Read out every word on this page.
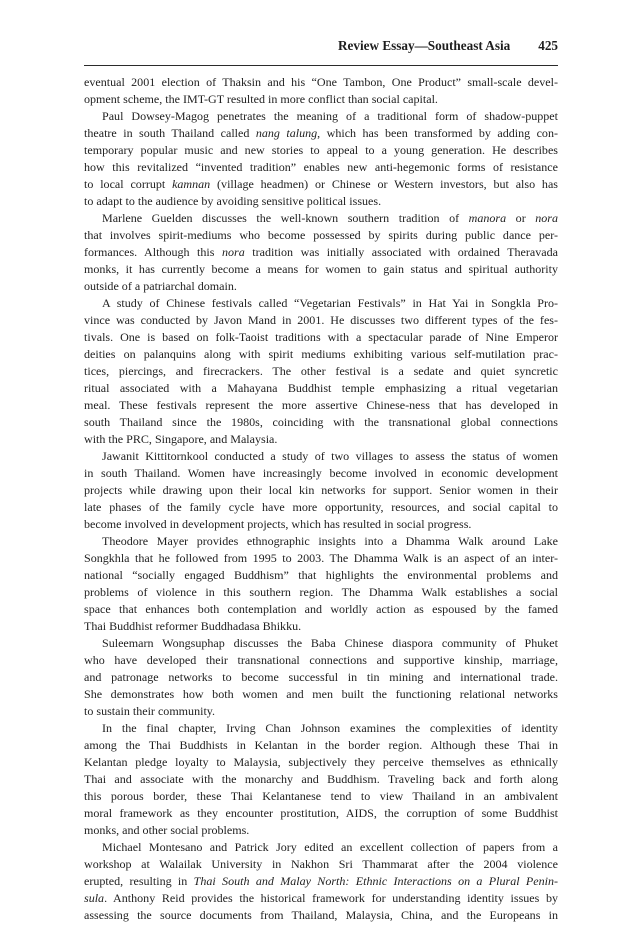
Review Essay—Southeast Asia 425
eventual 2001 election of Thaksin and his “One Tambon, One Product” small-scale devel-
opment scheme, the IMT-GT resulted in more conflict than social capital.
Paul Dowsey-Magog penetrates the meaning of a traditional form of shadow-puppet
theatre in south Thailand called nang talung, which has been transformed by adding con-
temporary popular music and new stories to appeal to a young generation. He describes
how this revitalized “invented tradition” enables new anti-hegemonic forms of resistance
to local corrupt kamnan (village headmen) or Chinese or Western investors, but also has
to adapt to the audience by avoiding sensitive political issues.
Marlene Guelden discusses the well-known southern tradition of manora or nora
that involves spirit-mediums who become possessed by spirits during public dance per-
formances. Although this nora tradition was initially associated with ordained Theravada
monks, it has currently become a means for women to gain status and spiritual authority
outside of a patriarchal domain.
A study of Chinese festivals called “Vegetarian Festivals” in Hat Yai in Songkla Pro-
vince was conducted by Javon Mand in 2001. He discusses two different types of the fes-
tivals. One is based on folk-Taoist traditions with a spectacular parade of Nine Emperor
deities on palanquins along with spirit mediums exhibiting various self-mutilation prac-
tices, piercings, and firecrackers. The other festival is a sedate and quiet syncretic
ritual associated with a Mahayana Buddhist temple emphasizing a ritual vegetarian
meal. These festivals represent the more assertive Chinese-ness that has developed in
south Thailand since the 1980s, coinciding with the transnational global connections
with the PRC, Singapore, and Malaysia.
Jawanit Kittitornkool conducted a study of two villages to assess the status of women
in south Thailand. Women have increasingly become involved in economic development
projects while drawing upon their local kin networks for support. Senior women in their
late phases of the family cycle have more opportunity, resources, and social capital to
become involved in development projects, which has resulted in social progress.
Theodore Mayer provides ethnographic insights into a Dhamma Walk around Lake
Songkhla that he followed from 1995 to 2003. The Dhamma Walk is an aspect of an inter-
national “socially engaged Buddhism” that highlights the environmental problems and
problems of violence in this southern region. The Dhamma Walk establishes a social
space that enhances both contemplation and worldly action as espoused by the famed
Thai Buddhist reformer Buddhadasa Bhikku.
Suleemarn Wongsuphap discusses the Baba Chinese diaspora community of Phuket
who have developed their transnational connections and supportive kinship, marriage,
and patronage networks to become successful in tin mining and international trade.
She demonstrates how both women and men built the functioning relational networks
to sustain their community.
In the final chapter, Irving Chan Johnson examines the complexities of identity
among the Thai Buddhists in Kelantan in the border region. Although these Thai in
Kelantan pledge loyalty to Malaysia, subjectively they perceive themselves as ethnically
Thai and associate with the monarchy and Buddhism. Traveling back and forth along
this porous border, these Thai Kelantanese tend to view Thailand in an ambivalent
moral framework as they encounter prostitution, AIDS, the corruption of some Buddhist
monks, and other social problems.
Michael Montesano and Patrick Jory edited an excellent collection of papers from a
workshop at Walailak University in Nakhon Sri Thammarat after the 2004 violence
erupted, resulting in Thai South and Malay North: Ethnic Interactions on a Plural Penin-
sula. Anthony Reid provides the historical framework for understanding identity issues by
assessing the source documents from Thailand, Malaysia, China, and the Europeans in
